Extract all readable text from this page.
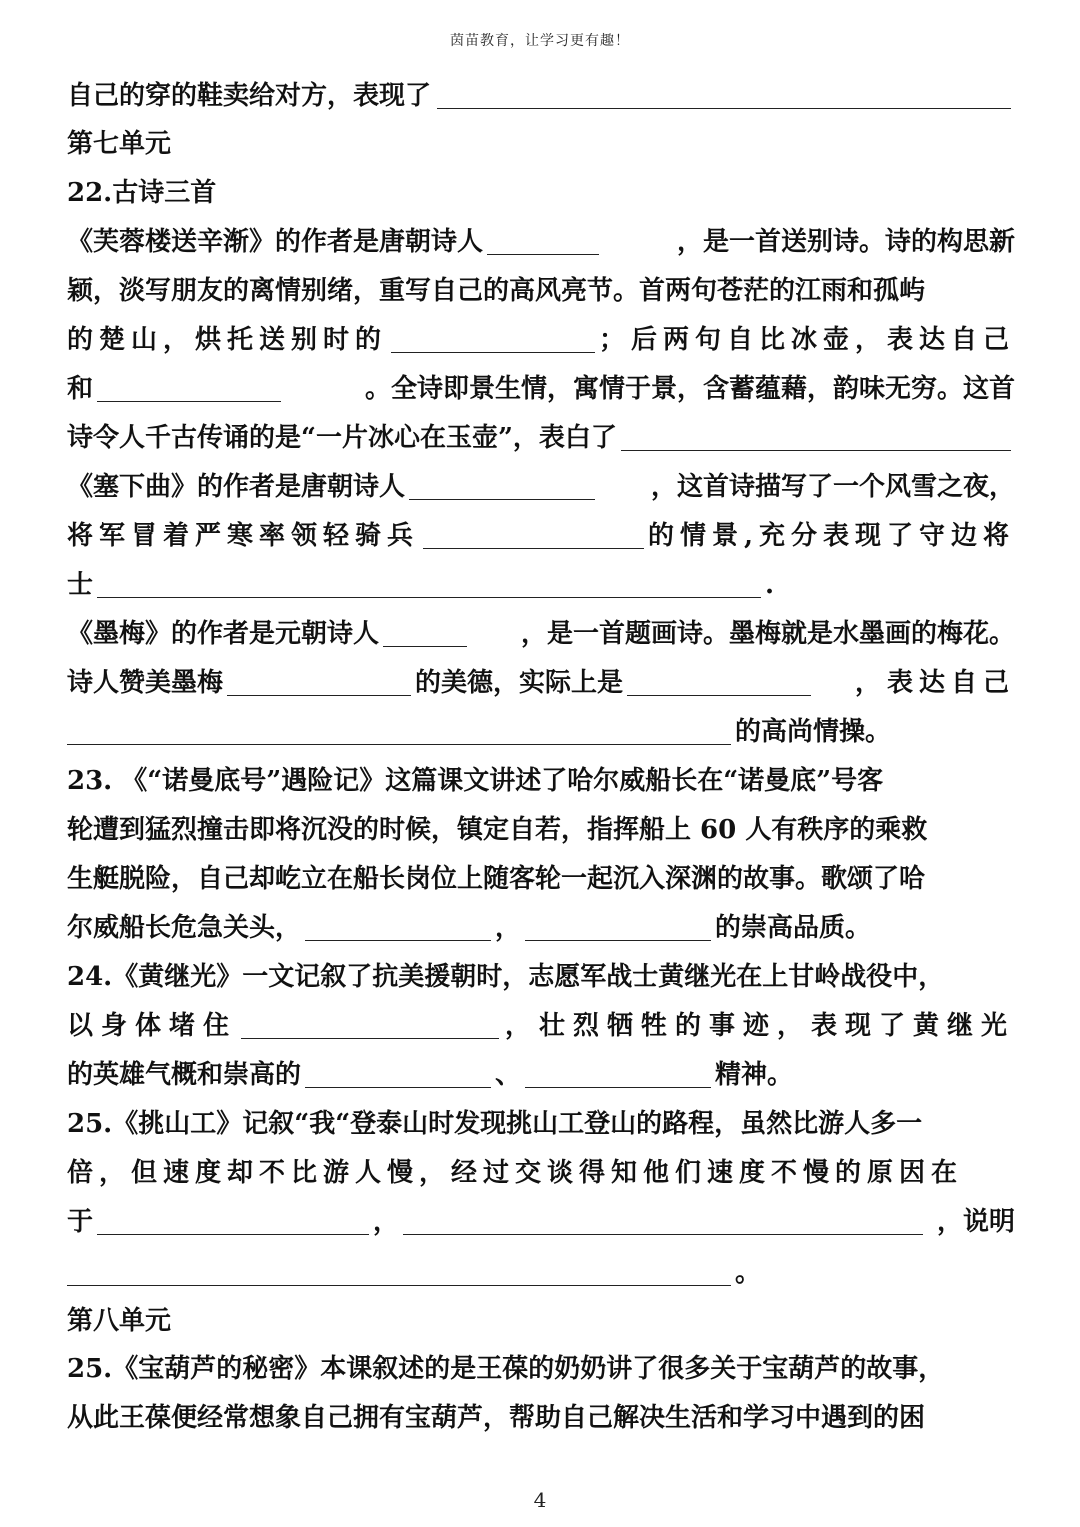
茵苗教育，让学习更有趣！
自己的穿的鞋卖给对方，表现了
第七单元
22.古诗三首
《芙蓉楼送辛渐》的作者是唐朝诗人	，是一首送别诗。诗的构思新
颖，淡写朋友的离情别绪，重写自己的高风亮节。首两句苍茫的江雨和孤屿
的楚山，烘托送别时的	；后两句自比冰壶，表达自己
和	。全诗即景生情，寓情于景，含蓄蕴藉，韵味无穷。这首
诗令人千古传诵的是“一片冰心在玉壶”，表白了
《塞下曲》的作者是唐朝诗人	，这首诗描写了一个风雪之夜，
将军冒着严寒率领轻骑兵	的情景,充分表现了守边将
士	.
《墨梅》的作者是元朝诗人	，是一首题画诗。墨梅就是水墨画的梅花。
诗人赞美墨梅	的美德，实际上是	，表达自己
的高尚情操。
23. 《“诺曼底号”遇险记》这篇课文讲述了哈尔威船长在“诺曼底”号客
轮遭到猛烈撞击即将沉没的时候，镇定自若，指挥船上 60 人有秩序的乘救
生艇脱险，自己却屹立在船长岗位上随客轮一起沉入深渊的故事。歌颂了哈
尔威船长危急关头，	，	的崇高品质。
24.《黄继光》一文记叙了抗美援朝时，志愿军战士黄继光在上甘岭战役中，
以身体堵住	，壮烈牺牲的事迹，表现了黄继光
的英雄气概和崇高的	、	精神。
25.《挑山工》记叙“我“登泰山时发现挑山工登山的路程，虽然比游人多一
倍，但速度却不比游人慢，经过交谈得知他们速度不慢的原因在
于	，	，说明
。
第八单元
25.《宝葫芦的秘密》本课叙述的是王葆的奶奶讲了很多关于宝葫芦的故事，
从此王葆便经常想象自己拥有宝葫芦，帮助自己解决生活和学习中遇到的困
4
